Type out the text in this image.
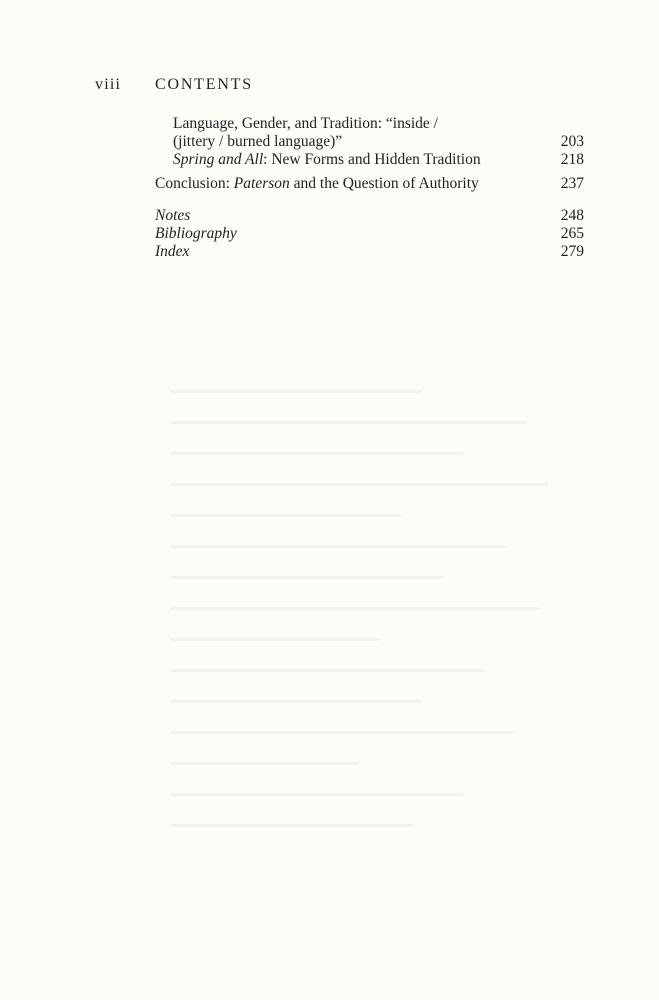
viii CONTENTS
Language, Gender, and Tradition: “inside /
(jittery / burned language)”	203
Spring and All: New Forms and Hidden Tradition	218
Conclusion: Paterson and the Question of Authority	237
Notes	248
Bibliography	265
Index	279
